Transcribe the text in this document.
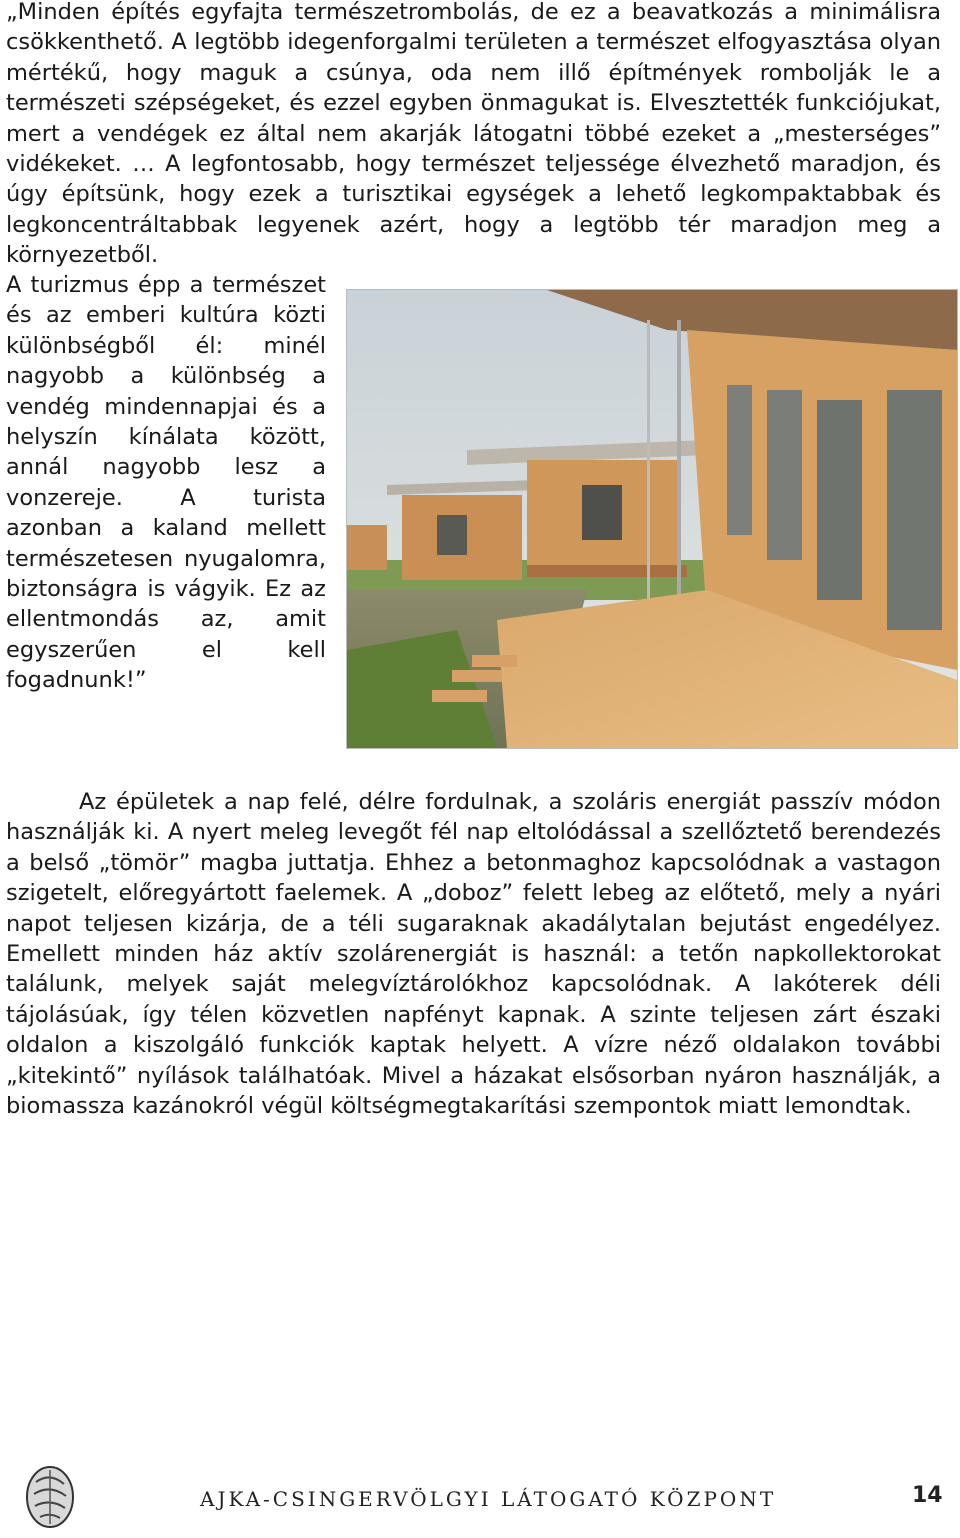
„Minden építés egyfajta természetrombolás, de ez a beavatkozás a minimálisra csökkenthető. A legtöbb idegenforgalmi területen a természet elfogyasztása olyan mértékű, hogy maguk a csúnya, oda nem illő építmények rombolják le a természeti szépségeket, és ezzel egyben önmagukat is. Elvesztették funkciójukat, mert a vendégek ez által nem akarják látogatni többé ezeket a „mesterséges” vidékeket. … A legfontosabb, hogy természet teljessége élvezhető maradjon, és úgy építsünk, hogy ezek a turisztikai egységek a lehető legkompaktabbak és legkoncentráltabbak legyenek azért, hogy a legtöbb tér maradjon meg a környezetből.
A turizmus épp a természet és az emberi kultúra közti különbségből él: minél nagyobb a különbség a vendég mindennapjai és a helyszín kínálata között, annál nagyobb lesz a vonzereje. A turista azonban a kaland mellett természetesen nyugalomra, biztonságra is vágyik. Ez az ellentmondás az, amit egyszerűen el kell fogadnunk!”
Az épületek a nap felé, délre fordulnak, a szoláris energiát passzív módon használják ki. A nyert meleg levegőt fél nap eltolódással a szellőztető berendezés a belső „tömör” magba juttatja. Ehhez a betonmaghoz kapcsolódnak a vastagon szigetelt, előregyártott faelemek. A „doboz” felett lebeg az előtető, mely a nyári napot teljesen kizárja, de a téli sugaraknak akadálytalan bejutást engedélyez. Emellett minden ház aktív szolárenergiát is használ: a tetőn napkollektorokat találunk, melyek saját melegvíztárolókhoz kapcsolódnak. A lakóterek déli tájolásúak, így télen közvetlen napfényt kapnak. A szinte teljesen zárt északi oldalon a kiszolgáló funkciók kaptak helyett. A vízre néző oldalakon további „kitekintő” nyílások találhatóak. Mivel a házakat elsősorban nyáron használják, a biomassza kazánokról végül költségmegtakarítási szempontok miatt lemondtak.
AJKA-CSINGERVÖLGYI LÁTOGATÓ KÖZPONT	14
